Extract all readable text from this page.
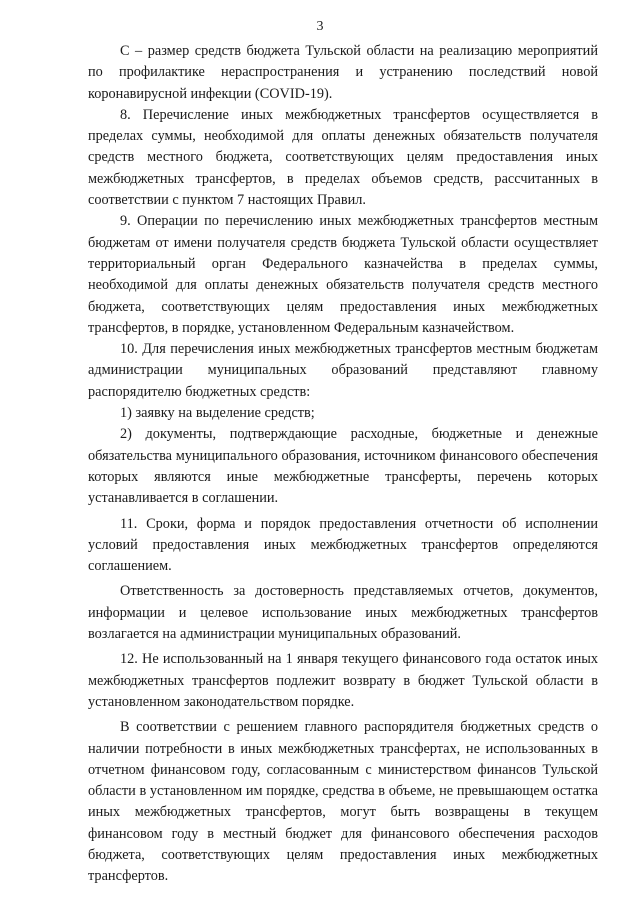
3

С – размер средств бюджета Тульской области на реализацию мероприятий по профилактике нераспространения и устранению последствий новой коронавирусной инфекции (COVID-19).

8. Перечисление иных межбюджетных трансфертов осуществляется в пределах суммы, необходимой для оплаты денежных обязательств получателя средств местного бюджета, соответствующих целям предоставления иных межбюджетных трансфертов, в пределах объемов средств, рассчитанных в соответствии с пунктом 7 настоящих Правил.

9. Операции по перечислению иных межбюджетных трансфертов местным бюджетам от имени получателя средств бюджета Тульской области осуществляет территориальный орган Федерального казначейства в пределах суммы, необходимой для оплаты денежных обязательств получателя средств местного бюджета, соответствующих целям предоставления иных межбюджетных трансфертов, в порядке, установленном Федеральным казначейством.

10. Для перечисления иных межбюджетных трансфертов местным бюджетам администрации муниципальных образований представляют главному распорядителю бюджетных средств:

1) заявку на выделение средств;

2) документы, подтверждающие расходные, бюджетные и денежные обязательства муниципального образования, источником финансового обеспечения которых являются иные межбюджетные трансферты, перечень которых устанавливается в соглашении.

11. Сроки, форма и порядок предоставления отчетности об исполнении условий предоставления иных межбюджетных трансфертов определяются соглашением.

Ответственность за достоверность представляемых отчетов, документов, информации и целевое использование иных межбюджетных трансфертов возлагается на администрации муниципальных образований.

12. Не использованный на 1 января текущего финансового года остаток иных межбюджетных трансфертов подлежит возврату в бюджет Тульской области в установленном законодательством порядке.

В соответствии с решением главного распорядителя бюджетных средств о наличии потребности в иных межбюджетных трансфертах, не использованных в отчетном финансовом году, согласованным с министерством финансов Тульской области в установленном им порядке, средства в объеме, не превышающем остатка иных межбюджетных трансфертов, могут быть возвращены в текущем финансовом году в местный бюджет для финансового обеспечения расходов бюджета, соответствующих целям предоставления иных межбюджетных трансфертов.
